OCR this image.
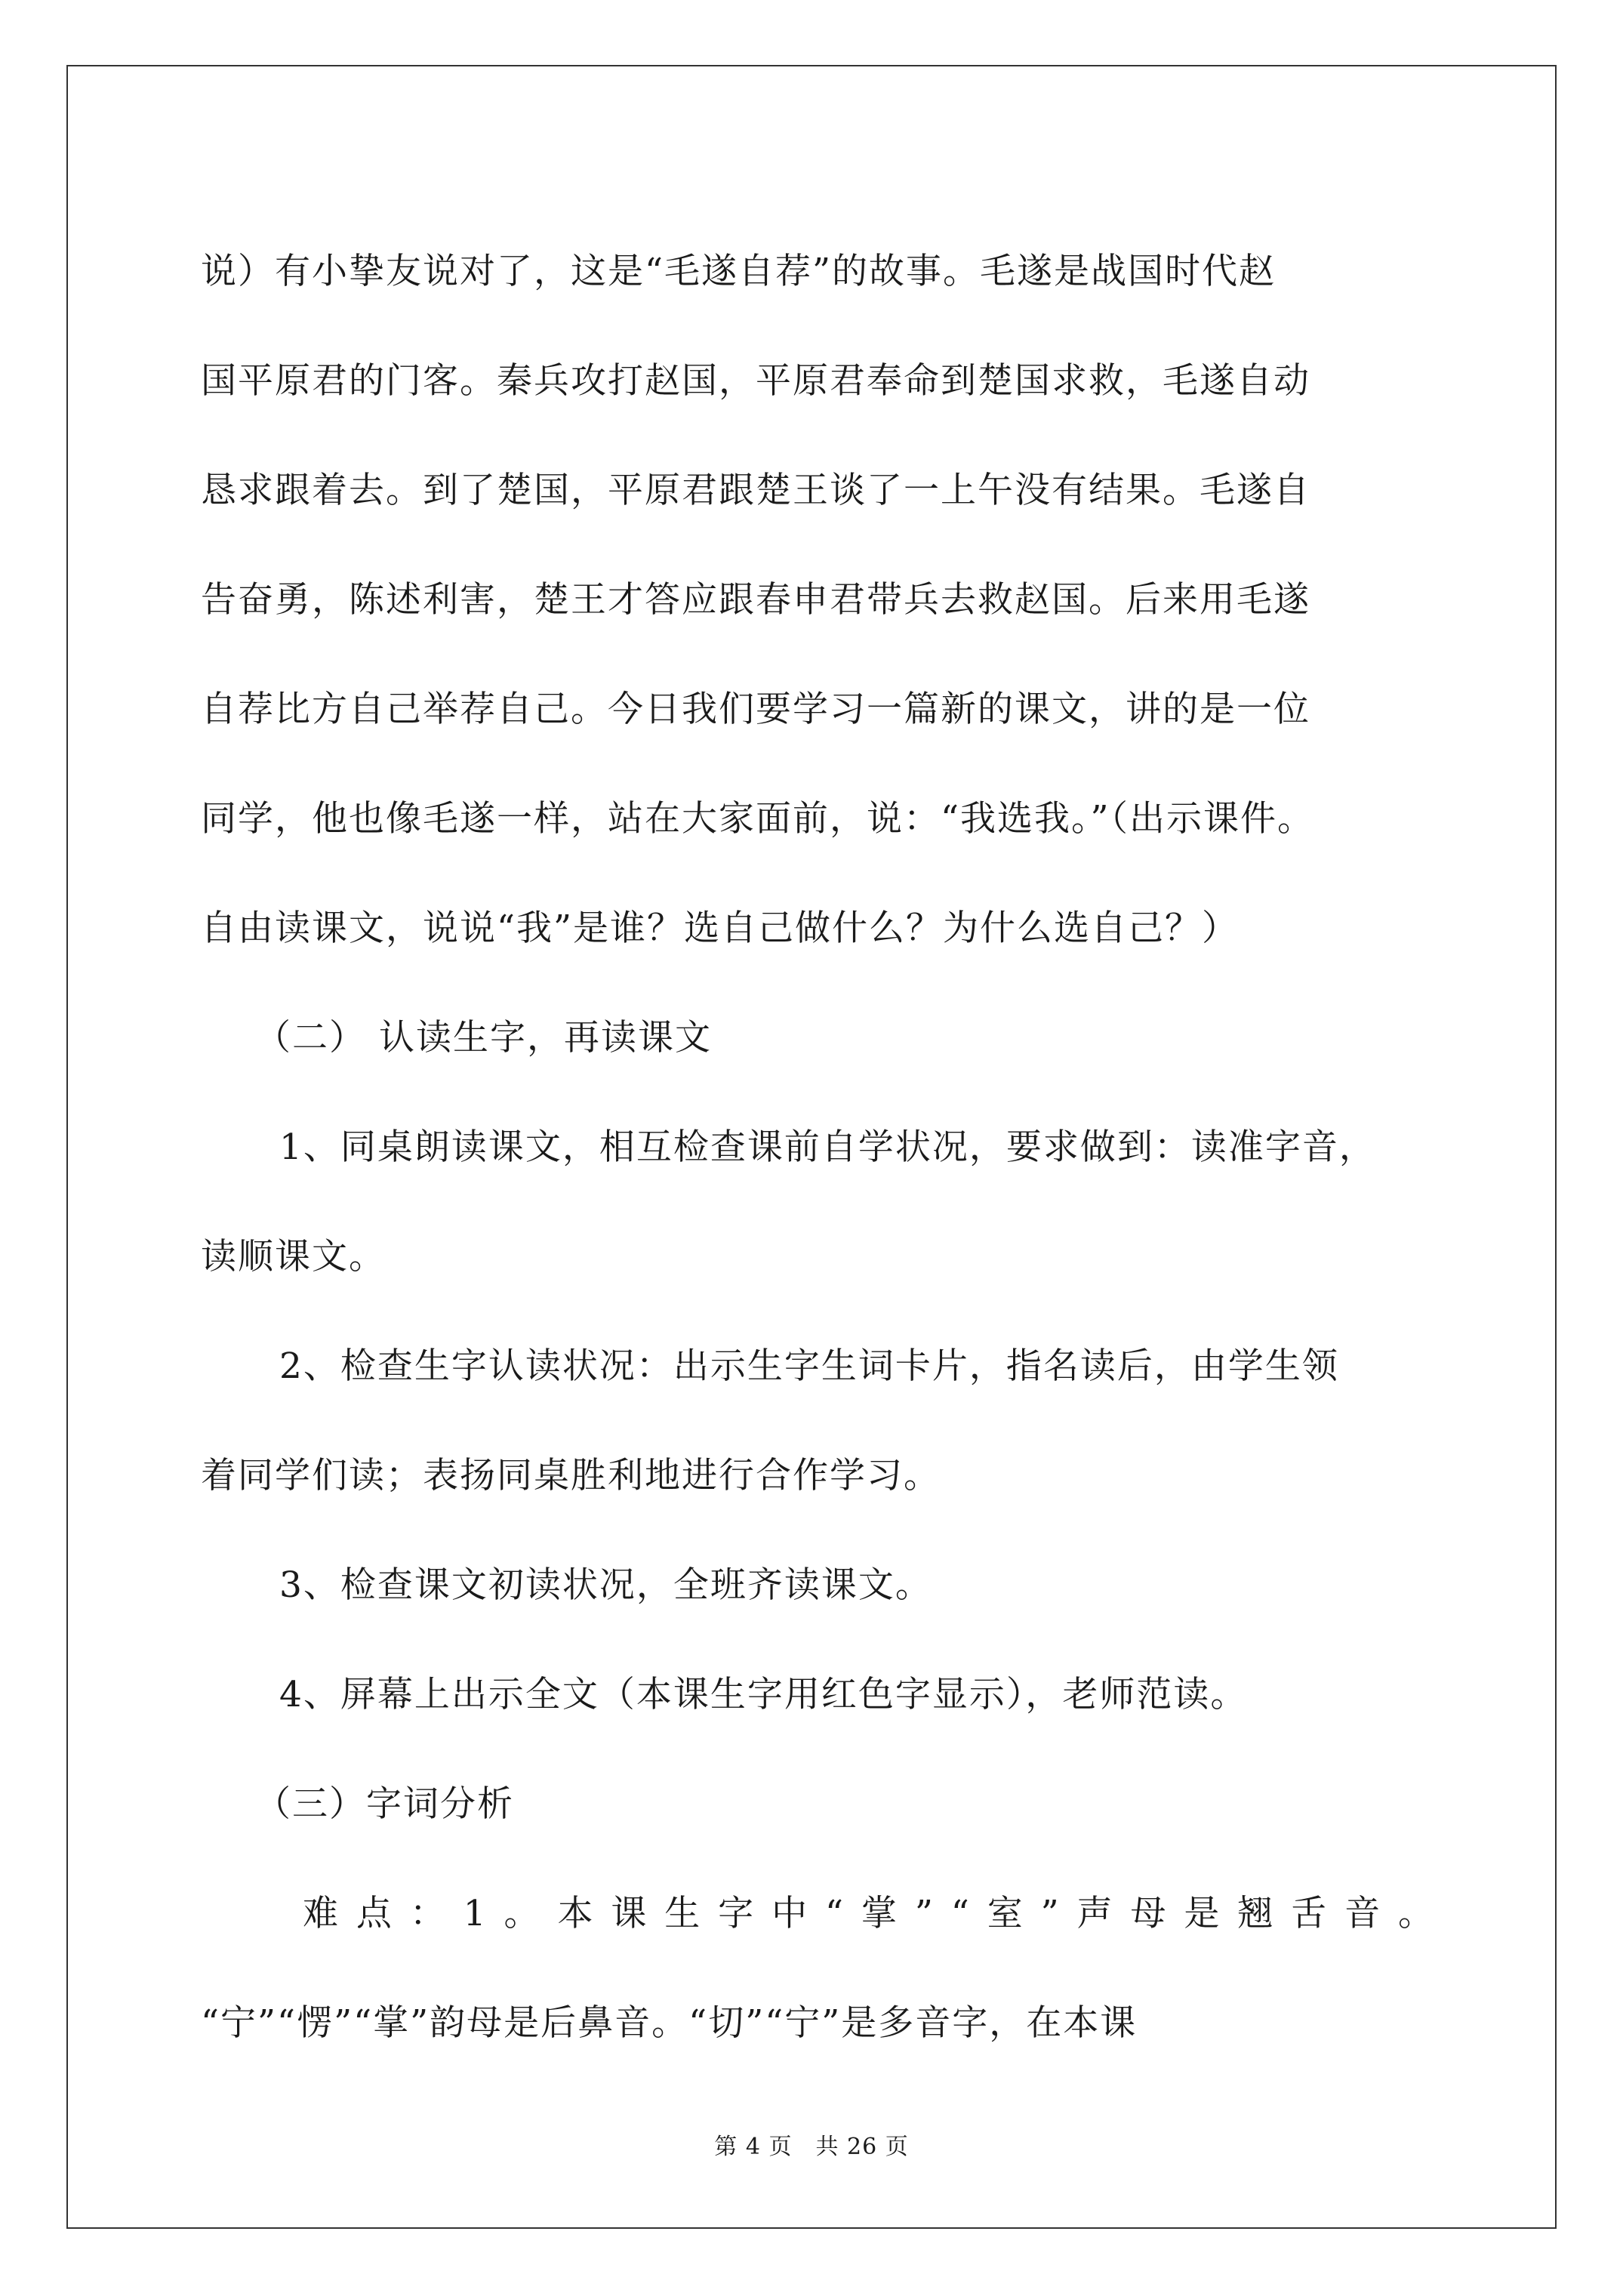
说）有小挚友说对了，这是“毛遂自荐”的故事。毛遂是战国时代赵
国平原君的门客。秦兵攻打赵国，平原君奉命到楚国求救，毛遂自动
恳求跟着去。到了楚国，平原君跟楚王谈了一上午没有结果。毛遂自
告奋勇，陈述利害，楚王才答应跟春申君带兵去救赵国。后来用毛遂
自荐比方自己举荐自己。今日我们要学习一篇新的课文，讲的是一位
同学，他也像毛遂一样，站在大家面前，说：“我选我。”（出示课件。
自由读课文，说说“我”是谁？选自己做什么？为什么选自己？）
（二） 认读生字，再读课文
1、同桌朗读课文，相互检查课前自学状况，要求做到：读准字音，
读顺课文。
2、检查生字认读状况：出示生字生词卡片，指名读后，由学生领
着同学们读；表扬同桌胜利地进行合作学习。
3、检查课文初读状况，全班齐读课文。
4、屏幕上出示全文（本课生字用红色字显示），老师范读。
（三）字词分析
难 点 ： 1 。 本 课 生 字 中 “ 掌 ” “ 室 ” 声 母 是 翘 舌 音 。
“宁”“愣”“掌”韵母是后鼻音。“切”“宁”是多音字，在本课
第 4 页　共 26 页
